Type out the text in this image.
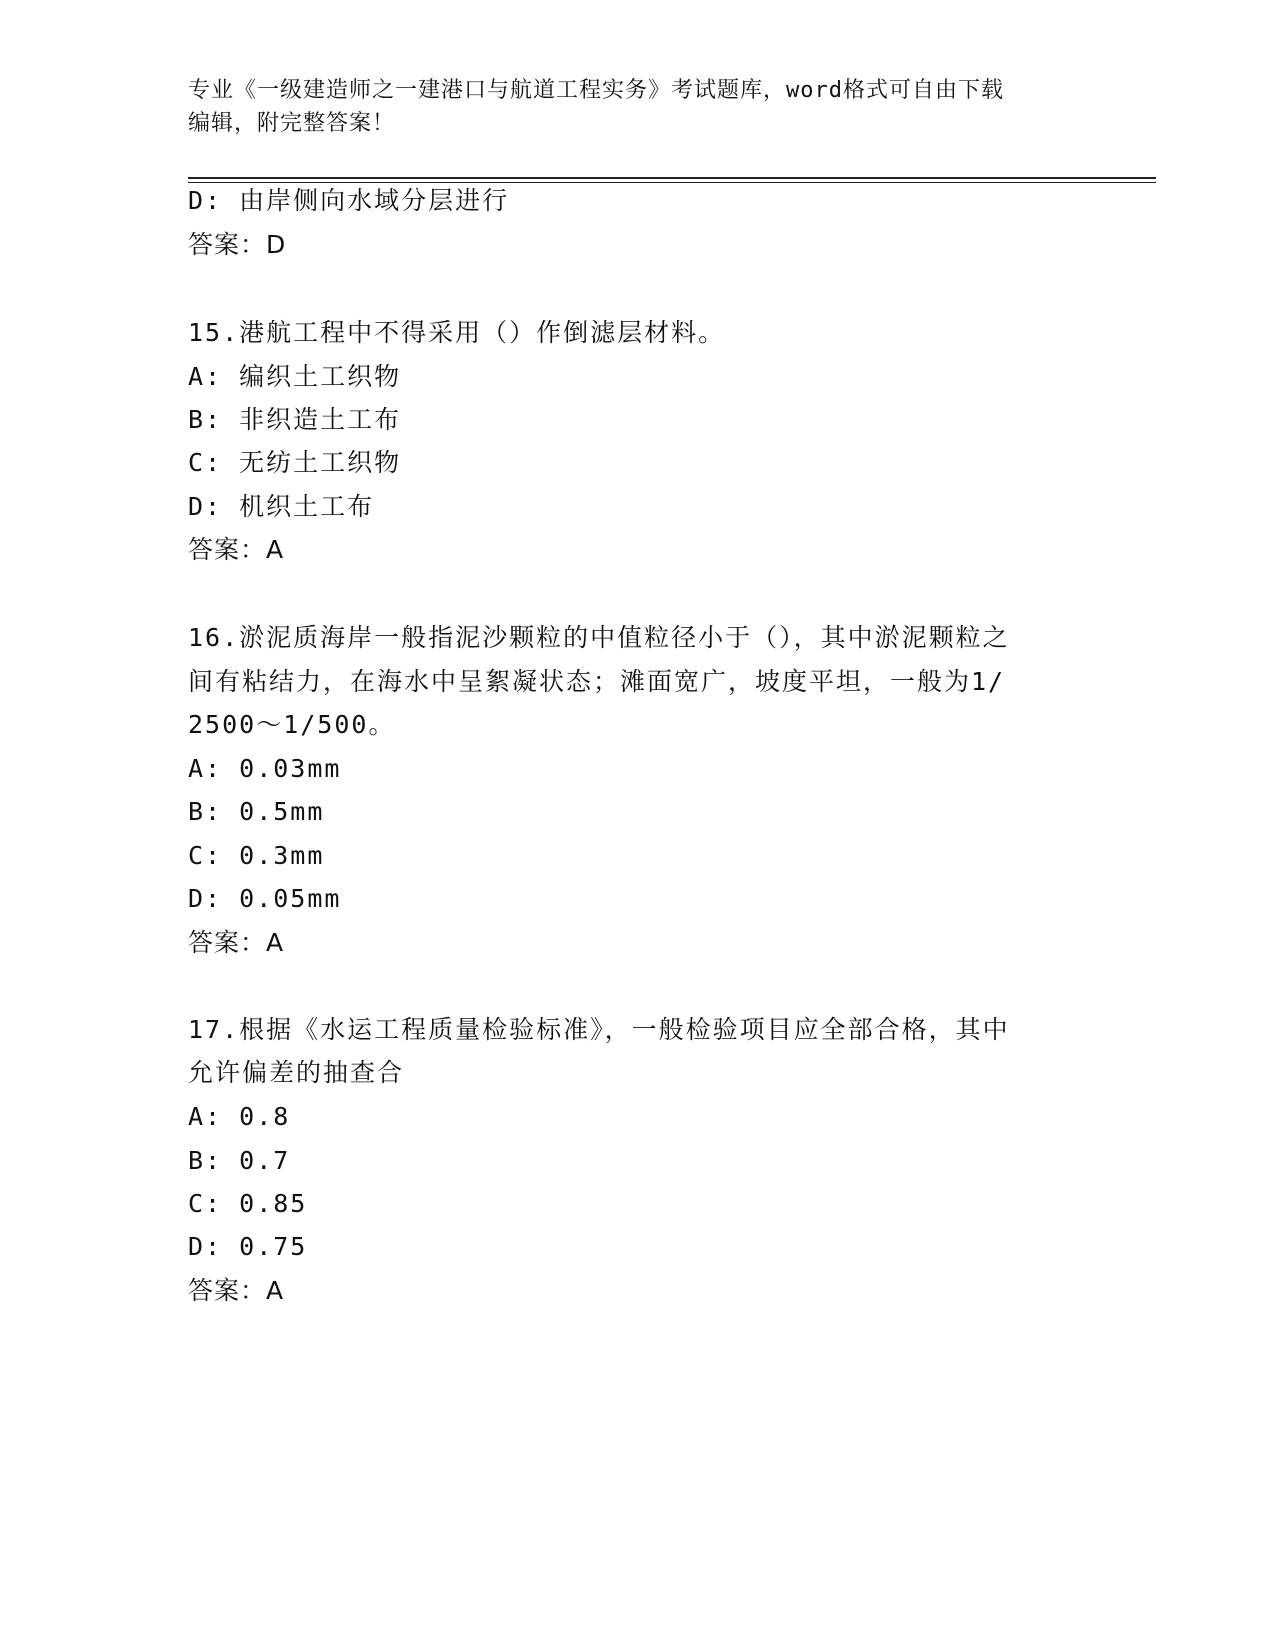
专业《一级建造师之一建港口与航道工程实务》考试题库，word格式可自由下载
编辑，附完整答案！
D: 由岸侧向水域分层进行
答案：D
15.港航工程中不得采用（）作倒滤层材料。
A: 编织土工织物
B: 非织造土工布
C: 无纺土工织物
D: 机织土工布
答案：A
16.淤泥质海岸一般指泥沙颗粒的中值粒径小于（），其中淤泥颗粒之
间有粘结力，在海水中呈絮凝状态；滩面宽广，坡度平坦，一般为1/
2500～1/500。
A: 0.03mm
B: 0.5mm
C: 0.3mm
D: 0.05mm
答案：A
17.根据《水运工程质量检验标准》，一般检验项目应全部合格，其中
允许偏差的抽查合
A: 0.8
B: 0.7
C: 0.85
D: 0.75
答案：A
